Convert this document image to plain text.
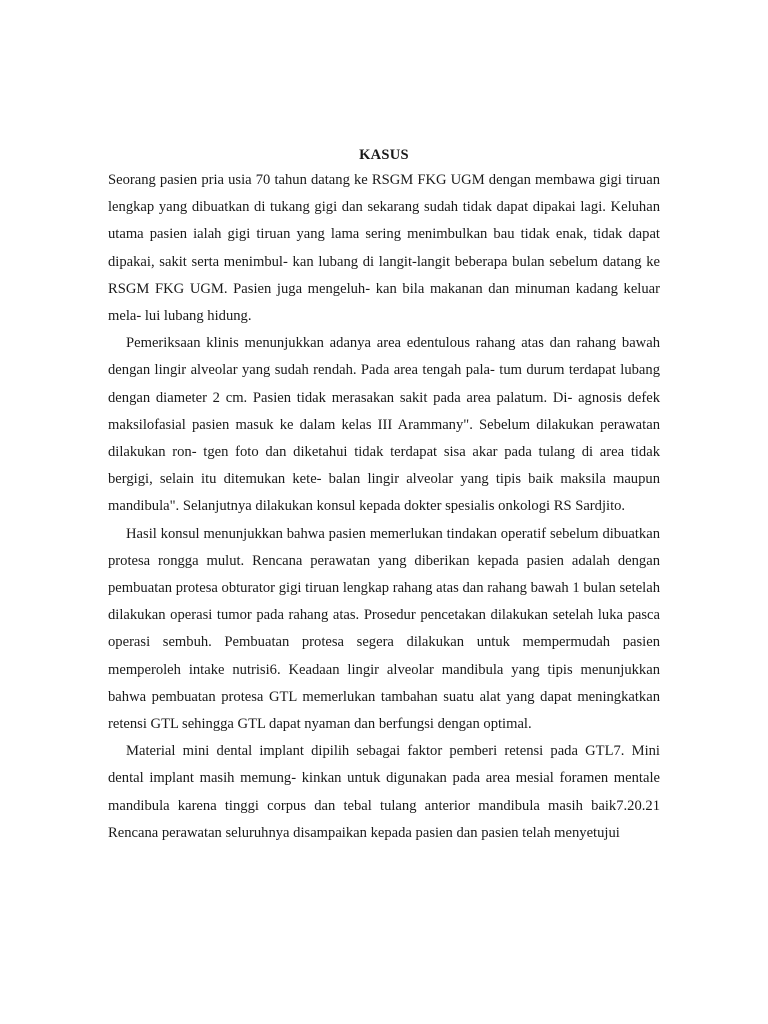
KASUS

Seorang pasien pria usia 70 tahun datang ke RSGM FKG UGM dengan membawa gigi tiruan lengkap yang dibuatkan di tukang gigi dan sekarang sudah tidak dapat dipakai lagi. Keluhan utama pasien ialah gigi tiruan yang lama sering menimbulkan bau tidak enak, tidak dapat dipakai, sakit serta menimbul- kan lubang di langit-langit beberapa bulan sebelum datang ke RSGM FKG UGM. Pasien juga mengeluh- kan bila makanan dan minuman kadang keluar mela- lui lubang hidung.

Pemeriksaan klinis menunjukkan adanya area edentulous rahang atas dan rahang bawah dengan lingir alveolar yang sudah rendah. Pada area tengah pala- tum durum terdapat lubang dengan diameter 2 cm. Pasien tidak merasakan sakit pada area palatum. Di- agnosis defek maksilofasial pasien masuk ke dalam kelas III Arammany". Sebelum dilakukan perawatan dilakukan ron- tgen foto dan diketahui tidak terdapat sisa akar pada tulang di area tidak bergigi, selain itu ditemukan kete- balan lingir alveolar yang tipis baik maksila maupun mandibula". Selanjutnya dilakukan konsul kepada dokter spesialis onkologi RS Sardjito.

Hasil konsul menunjukkan bahwa pasien memerlukan tindakan operatif sebelum dibuatkan protesa rongga mulut. Rencana perawatan yang diberikan kepada pasien adalah dengan pembuatan protesa obturator gigi tiruan lengkap rahang atas dan rahang bawah 1 bulan setelah dilakukan operasi tumor pada rahang atas. Prosedur pencetakan dilakukan setelah luka pasca operasi sembuh. Pembuatan protesa segera dilakukan untuk mempermudah pasien memperoleh intake nutrisi6. Keadaan lingir alveolar mandibula yang tipis menunjukkan bahwa pembuatan protesa GTL memerlukan tambahan suatu alat yang dapat meningkatkan retensi GTL sehingga GTL dapat nyaman dan berfungsi dengan optimal.

Material mini dental implant dipilih sebagai faktor pemberi retensi pada GTL7. Mini dental implant masih memung- kinkan untuk digunakan pada area mesial foramen mentale mandibula karena tinggi corpus dan tebal tulang anterior mandibula masih baik7.20.21 Rencana perawatan seluruhnya disampaikan kepada pasien dan pasien telah menyetujui
